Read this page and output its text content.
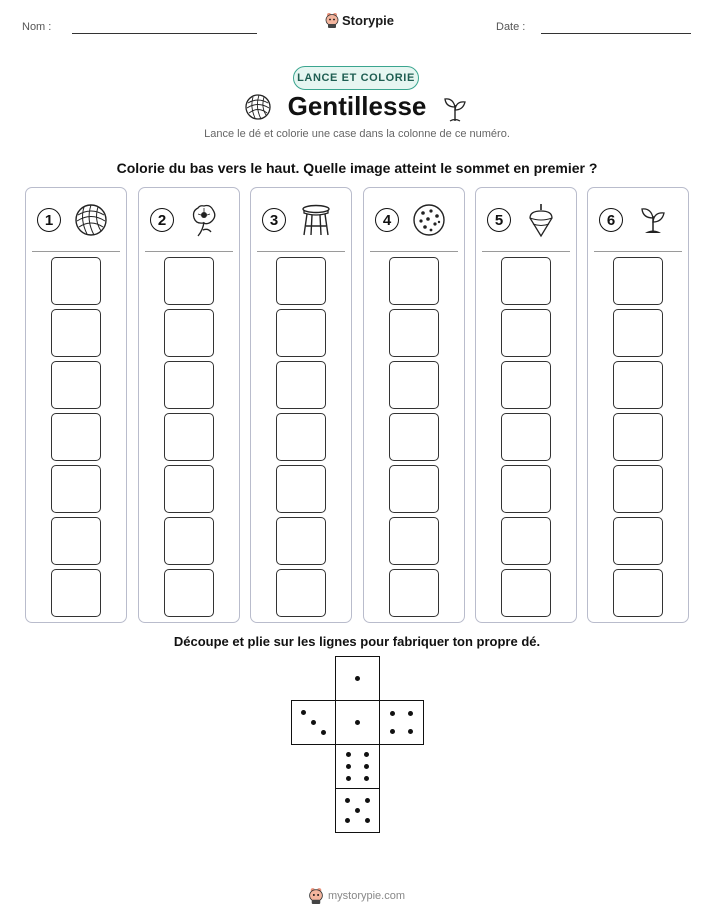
Nom :	Storypie	Date :
LANCE ET COLORIE
Gentillesse
Lance le dé et colorie une case dans la colonne de ce numéro.
Colorie du bas vers le haut. Quelle image atteint le sommet en premier ?
1	2	3	4	5	6
Découpe et plie sur les lignes pour fabriquer ton propre dé.
mystorypie.com
